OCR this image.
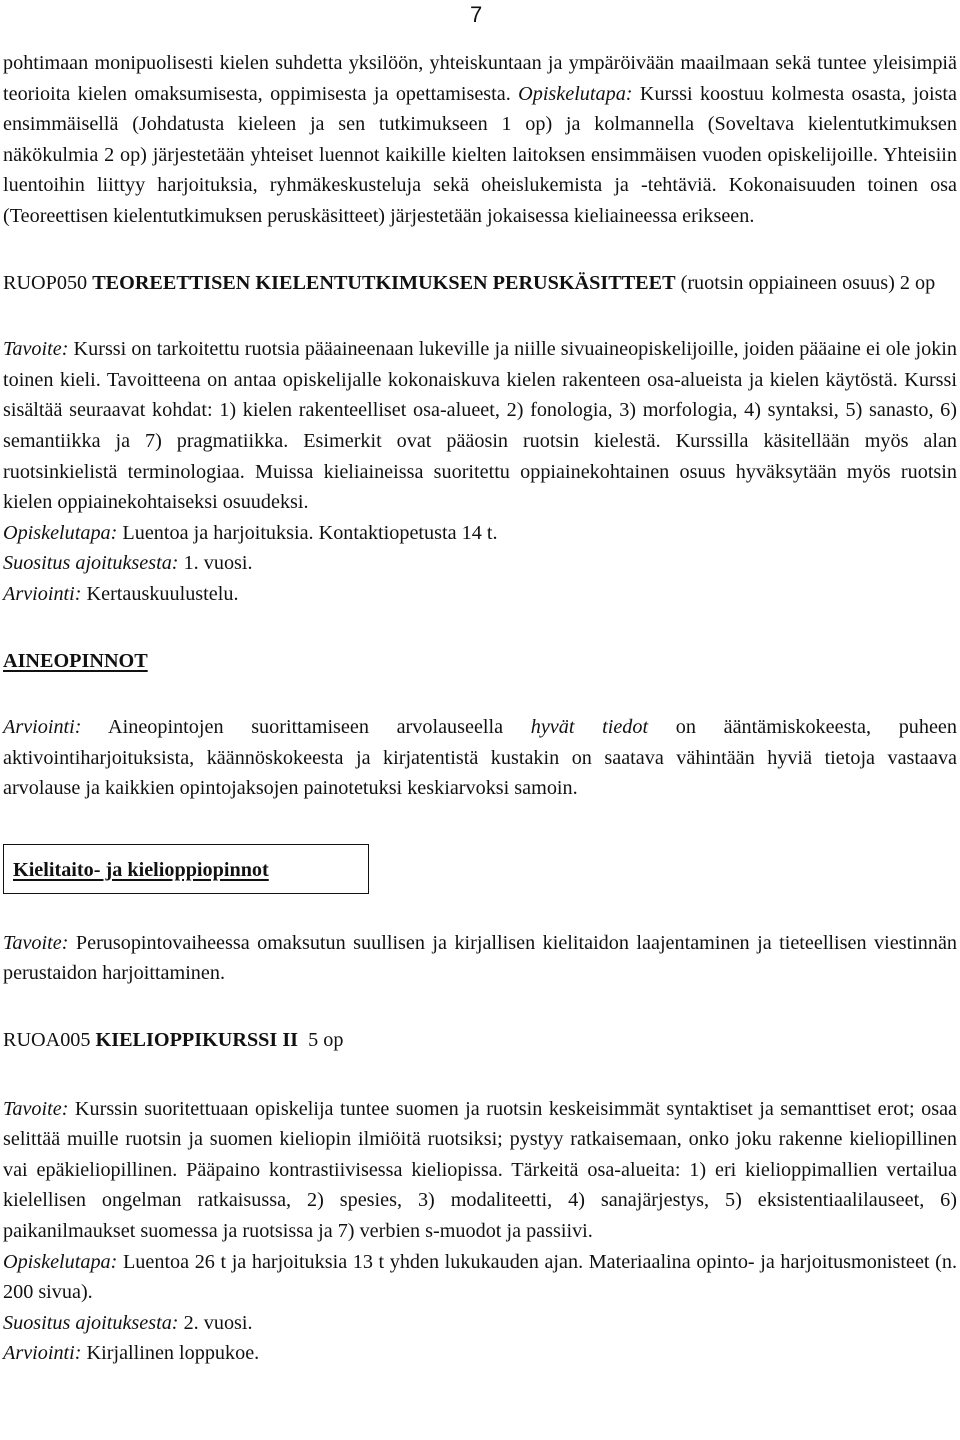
7

pohtimaan monipuolisesti kielen suhdetta yksilöön, yhteiskuntaan ja ympäröivään maailmaan sekä tuntee yleisimpiä teorioita kielen omaksumisesta, oppimisesta ja opettamisesta. Opiskelutapa: Kurssi koostuu kolmesta osasta, joista ensimmäisellä (Johdatusta kieleen ja sen tutkimukseen 1 op) ja kolmannella (Soveltava kielentutkimuksen näkökulmia 2 op) järjestetään yhteiset luennot kaikille kielten laitoksen ensimmäisen vuoden opiskelijoille. Yhteisiin luentoihin liittyy harjoituksia, ryhmäkeskusteluja sekä oheislukemista ja -tehtäviä. Kokonaisuuden toinen osa (Teoreettisen kielentutkimuksen peruskäsitteet) järjestetään jokaisessa kieliaineessa erikseen.

RUOP050 TEOREETTISEN KIELENTUTKIMUKSEN PERUSKÄSITTEET (ruotsin oppiaineen osuus) 2 op

Tavoite: Kurssi on tarkoitettu ruotsia pääaineenaan lukeville ja niille sivuaineopiskelijoille, joiden pääaine ei ole jokin toinen kieli. Tavoitteena on antaa opiskelijalle kokonaiskuva kielen rakenteen osa-alueista ja kielen käytöstä. Kurssi sisältää seuraavat kohdat: 1) kielen rakenteelliset osa-alueet, 2) fonologia, 3) morfologia, 4) syntaksi, 5) sanasto, 6) semantiikka ja 7) pragmatiikka. Esimerkit ovat pääosin ruotsin kielestä. Kurssilla käsitellään myös alan ruotsinkielistä terminologiaa. Muissa kieliaineissa suoritettu oppiainekohtainen osuus hyväksytään myös ruotsin kielen oppiainekohtaiseksi osuudeksi.
Opiskelutapa: Luentoa ja harjoituksia. Kontaktiopetusta 14 t.
Suositus ajoituksesta: 1. vuosi.
Arviointi: Kertauskuulustelu.

AINEOPINNOT

Arviointi: Aineopintojen suorittamiseen arvolauseella hyvät tiedot on ääntämiskokeesta, puheen aktivointiharjoituksista, käännöskokeesta ja kirjatentistä kustakin on saatava vähintään hyviä tietoja vastaava arvolause ja kaikkien opintojaksojen painotetuksi keskiarvoksi samoin.

Kielitaito- ja kielioppiopinnot

Tavoite: Perusopintovaiheessa omaksutun suullisen ja kirjallisen kielitaidon laajentaminen ja tieteellisen viestinnän perustaidon harjoittaminen.

RUOA005 KIELIOPPIKURSSI II 5 op

Tavoite: Kurssin suoritettuaan opiskelija tuntee suomen ja ruotsin keskeisimmät syntaktiset ja semanttiset erot; osaa selittää muille ruotsin ja suomen kieliopin ilmiöitä ruotsiksi; pystyy ratkaisemaan, onko joku rakenne kieliopillinen vai epäkieliopillinen. Pääpaino kontrastiivisessa kieliopissa. Tärkeitä osa-alueita: 1) eri kielioppimallien vertailua kielellisen ongelman ratkaisussa, 2) spesies, 3) modaliteetti, 4) sanajärjestys, 5) eksistentiaalilauseet, 6) paikanilmaukset suomessa ja ruotsissa ja 7) verbien s-muodot ja passiivi.
Opiskelutapa: Luentoa 26 t ja harjoituksia 13 t yhden lukukauden ajan. Materiaalina opinto- ja harjoitusmonisteet (n. 200 sivua).
Suositus ajoituksesta: 2. vuosi.
Arviointi: Kirjallinen loppukoe.
